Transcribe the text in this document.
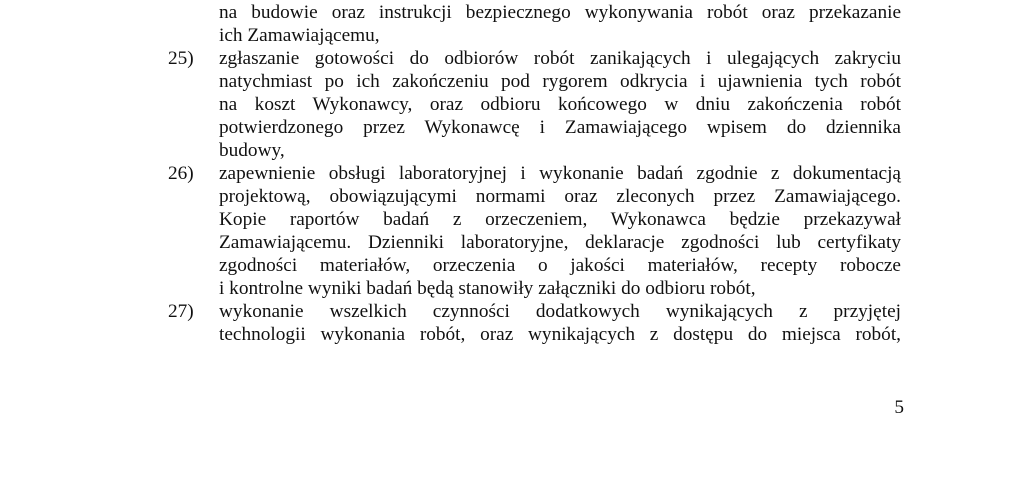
na budowie oraz instrukcji bezpiecznego wykonywania robót oraz przekazanie

ich Zamawiającemu,

25)	zgłaszanie gotowości do odbiorów robót zanikających i ulegających zakryciu

natychmiast po ich zakończeniu pod rygorem odkrycia i ujawnienia tych robót

na koszt Wykonawcy, oraz odbioru końcowego w dniu zakończenia robót

potwierdzonego przez Wykonawcę i Zamawiającego wpisem do dziennika

budowy,

26)	zapewnienie obsługi laboratoryjnej i wykonanie badań zgodnie z dokumentacją

projektową, obowiązującymi normami oraz zleconych przez Zamawiającego.

Kopie raportów badań z orzeczeniem, Wykonawca będzie przekazywał

Zamawiającemu. Dzienniki laboratoryjne, deklaracje zgodności lub certyfikaty

zgodności materiałów, orzeczenia o jakości materiałów, recepty robocze

i kontrolne wyniki badań będą stanowiły załączniki do odbioru robót,

27)	wykonanie wszelkich czynności dodatkowych wynikających z przyjętej

technologii wykonania robót, oraz wynikających z dostępu do miejsca robót,

5
